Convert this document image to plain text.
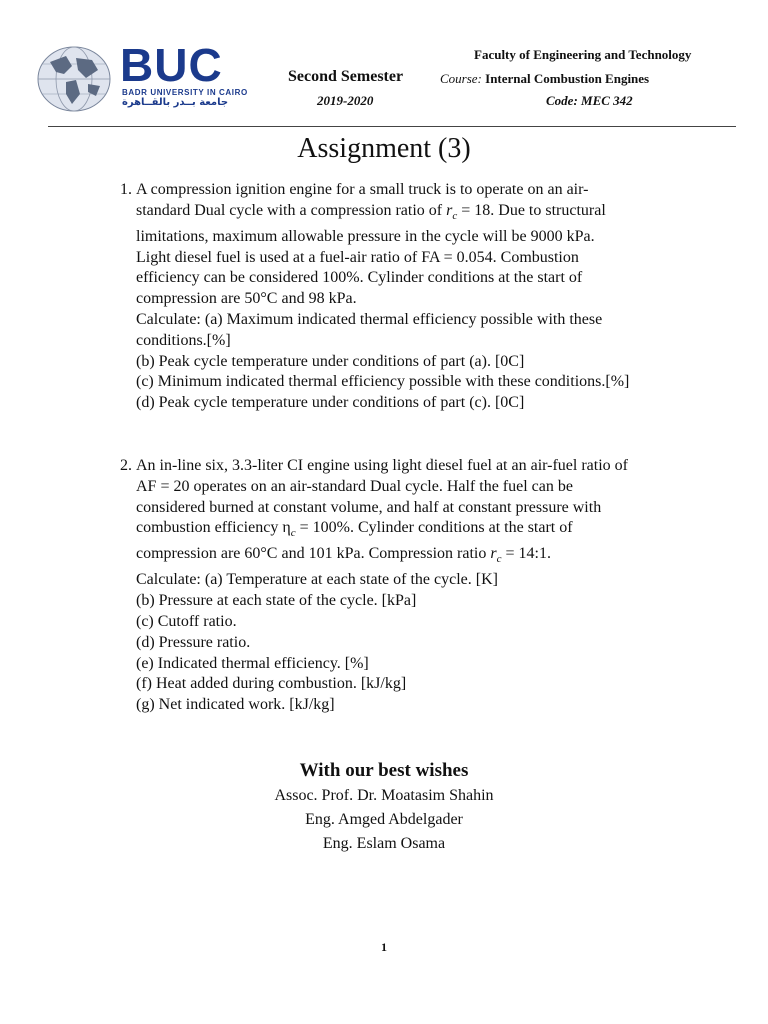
BUC
BADR UNIVERSITY IN CAIRO
جامعة بــدر بالقــاهرة
Second Semester
2019-2020
Faculty of Engineering and Technology
Course: Internal Combustion Engines
Code: MEC 342
Assignment (3)
1. A compression ignition engine for a small truck is to operate on an air-
standard Dual cycle with a compression ratio of $r_c = 18$. Due to structural
limitations, maximum allowable pressure in the cycle will be 9000 kPa.
Light diesel fuel is used at a fuel-air ratio of FA = 0.054. Combustion
efficiency can be considered 100%. Cylinder conditions at the start of
compression are 50°C and 98 kPa.
Calculate: (a) Maximum indicated thermal efficiency possible with these
conditions.[%]
(b) Peak cycle temperature under conditions of part (a). [0C]
(c) Minimum indicated thermal efficiency possible with these conditions.[%]
(d) Peak cycle temperature under conditions of part (c). [0C]
2. An in-line six, 3.3-liter CI engine using light diesel fuel at an air-fuel ratio of
AF = 20 operates on an air-standard Dual cycle. Half the fuel can be
considered burned at constant volume, and half at constant pressure with
combustion efficiency $\eta_c = 100\%$. Cylinder conditions at the start of
compression are 60°C and 101 kPa. Compression ratio $r_c$ = 14:1.
Calculate: (a) Temperature at each state of the cycle. [K]
(b) Pressure at each state of the cycle. [kPa]
(c) Cutoff ratio.
(d) Pressure ratio.
(e) Indicated thermal efficiency. [%]
(f) Heat added during combustion. [kJ/kg]
(g) Net indicated work. [kJ/kg]
With our best wishes
Assoc. Prof. Dr. Moatasim Shahin
Eng. Amged Abdelgader
Eng. Eslam Osama
1
